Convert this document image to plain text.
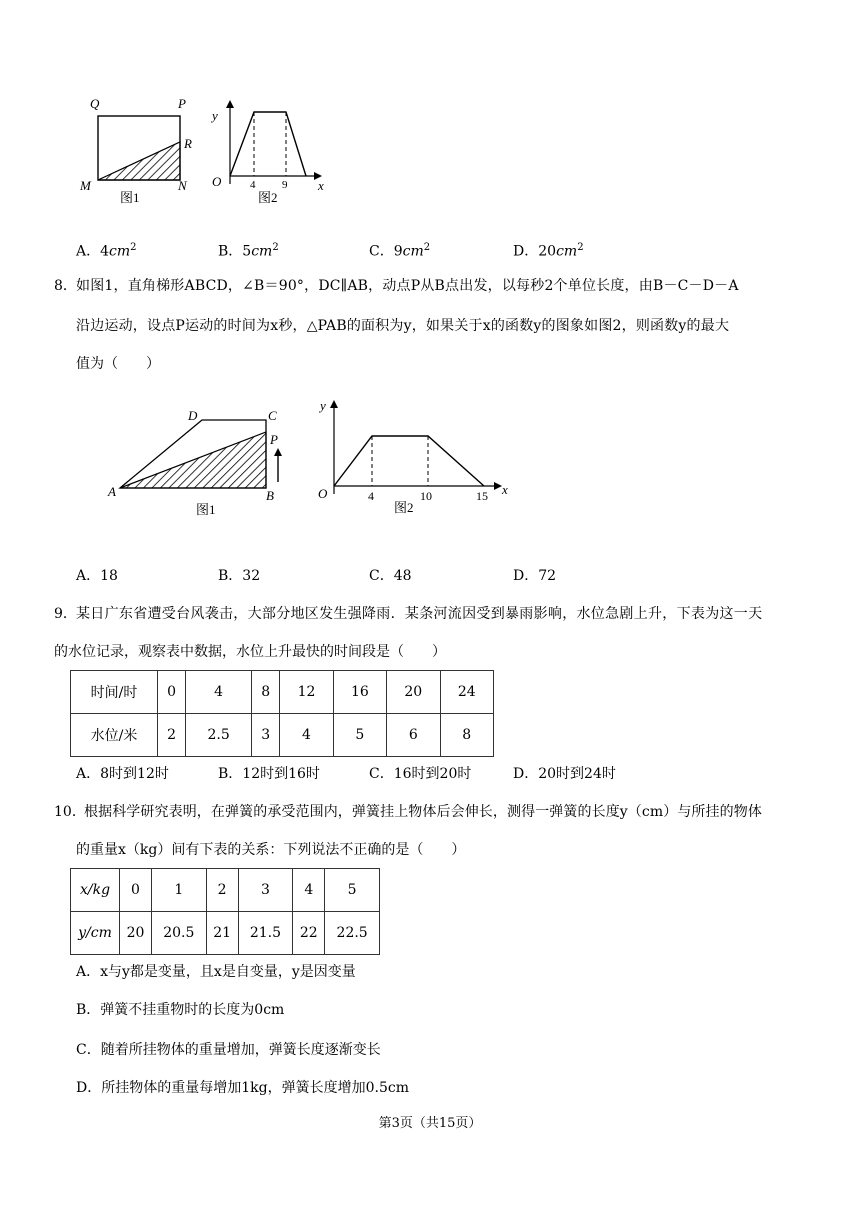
Q	P
R
M	N
图1
y
x
O	4 9
图2
A．$4cm^2$	B．$5cm^2$	C．$9cm^2$	D．$20cm^2$
8． 如图1，直角梯形ABCD，∠B＝90°，DC∥AB，动点P从B点出发，以每秒2个单位长度，由B－C－D－A
沿边运动，设点P运动的时间为x秒，△PAB的面积为y，如果关于x的函数y的图象如图2，则函数y的最大
值为（　　）
D	C
P
A	B
图1
y
x
O	4	10	15
图2
A．18	B．32	C．48	D．72
9． 某日广东省遭受台风袭击，大部分地区发生强降雨．某条河流因受到暴雨影响，水位急剧上升，下表为这一天
的水位记录，观察表中数据，水位上升最快的时间段是（　　）
时间/时	0	4	8	12	16	20	24
水位/米	2	2.5	3	4	5	6	8
A．8时到12时	B．12时到16时	C．16时到20时	D．20时到24时
10．
根据科学研究表明，在弹簧的承受范围内，弹簧挂上物体后会伸长，测得一弹簧的长度y（cm）与所挂的物体
的重量x（kg）间有下表的关系：下列说法不正确的是（　　）
x/kg	0	1	2	3	4	5
y/cm	20	20.5	21	21.5	22	22.5
A．x与y都是变量，且x是自变量，y是因变量
B．弹簧不挂重物时的长度为0cm
C．随着所挂物体的重量增加，弹簧长度逐渐变长
D．所挂物体的重量每增加1kg，弹簧长度增加0.5cm
第3页（共15页）
